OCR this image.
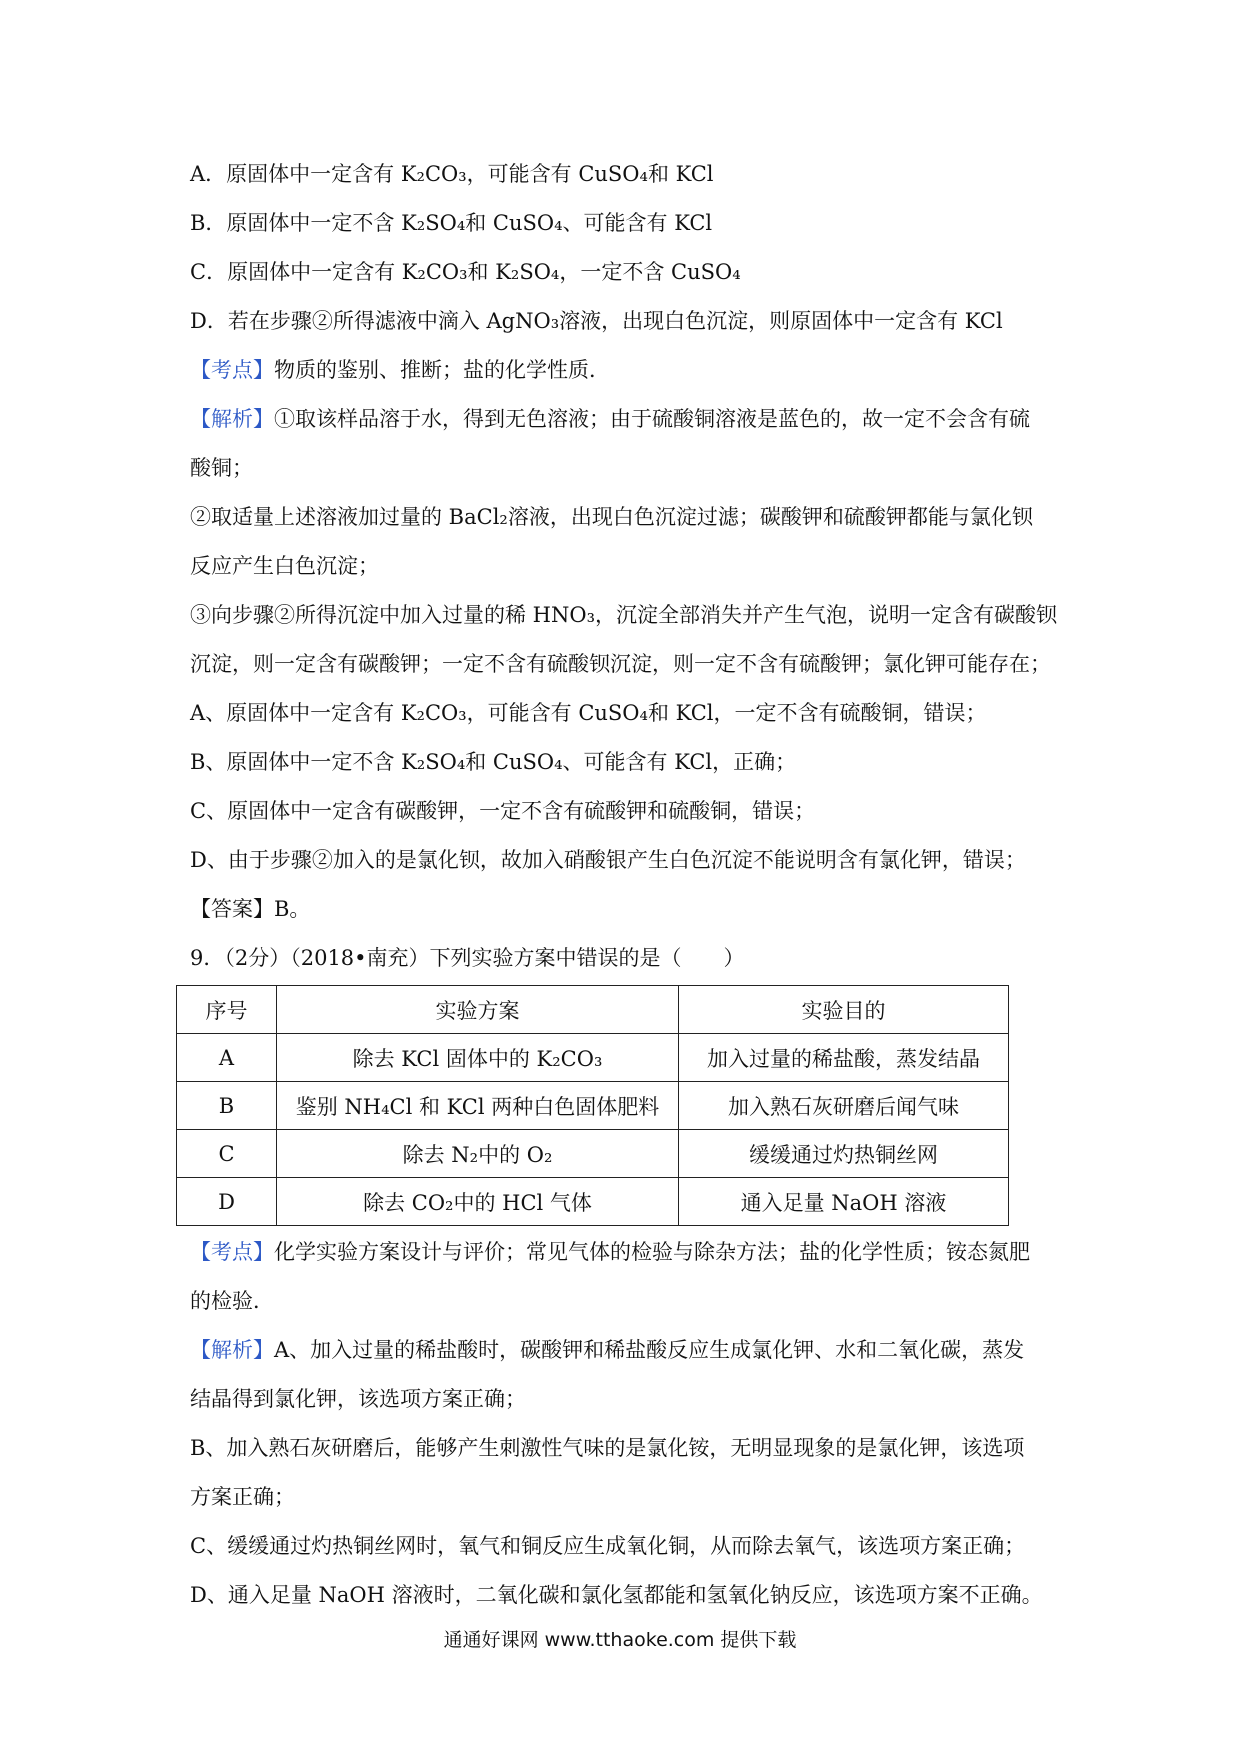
A．原固体中一定含有 K₂CO₃，可能含有 CuSO₄和 KCl
B．原固体中一定不含 K₂SO₄和 CuSO₄、可能含有 KCl
C．原固体中一定含有 K₂CO₃和 K₂SO₄，一定不含 CuSO₄
D．若在步骤②所得滤液中滴入 AgNO₃溶液，出现白色沉淀，则原固体中一定含有 KCl
【考点】物质的鉴别、推断；盐的化学性质．
【解析】①取该样品溶于水，得到无色溶液；由于硫酸铜溶液是蓝色的，故一定不会含有硫
酸铜；
②取适量上述溶液加过量的 BaCl₂溶液，出现白色沉淀过滤；碳酸钾和硫酸钾都能与氯化钡
反应产生白色沉淀；
③向步骤②所得沉淀中加入过量的稀 HNO₃，沉淀全部消失并产生气泡，说明一定含有碳酸钡
沉淀，则一定含有碳酸钾；一定不含有硫酸钡沉淀，则一定不含有硫酸钾；氯化钾可能存在；
A、原固体中一定含有 K₂CO₃，可能含有 CuSO₄和 KCl，一定不含有硫酸铜，错误；
B、原固体中一定不含 K₂SO₄和 CuSO₄、可能含有 KCl，正确；
C、原固体中一定含有碳酸钾，一定不含有硫酸钾和硫酸铜，错误；
D、由于步骤②加入的是氯化钡，故加入硝酸银产生白色沉淀不能说明含有氯化钾，错误；
【答案】B。
9．（2分）（2018•南充）下列实验方案中错误的是（　　）
序号	实验方案	实验目的
A	除去 KCl 固体中的 K₂CO₃	加入过量的稀盐酸，蒸发结晶
B	鉴别 NH₄Cl 和 KCl 两种白色固体肥料	加入熟石灰研磨后闻气味
C	除去 N₂中的 O₂	缓缓通过灼热铜丝网
D	除去 CO₂中的 HCl 气体	通入足量 NaOH 溶液
【考点】化学实验方案设计与评价；常见气体的检验与除杂方法；盐的化学性质；铵态氮肥
的检验．
【解析】A、加入过量的稀盐酸时，碳酸钾和稀盐酸反应生成氯化钾、水和二氧化碳，蒸发
结晶得到氯化钾，该选项方案正确；
B、加入熟石灰研磨后，能够产生刺激性气味的是氯化铵，无明显现象的是氯化钾，该选项
方案正确；
C、缓缓通过灼热铜丝网时，氧气和铜反应生成氧化铜，从而除去氧气，该选项方案正确；
D、通入足量 NaOH 溶液时，二氧化碳和氯化氢都能和氢氧化钠反应，该选项方案不正确。
通通好课网 www.tthaoke.com 提供下载
